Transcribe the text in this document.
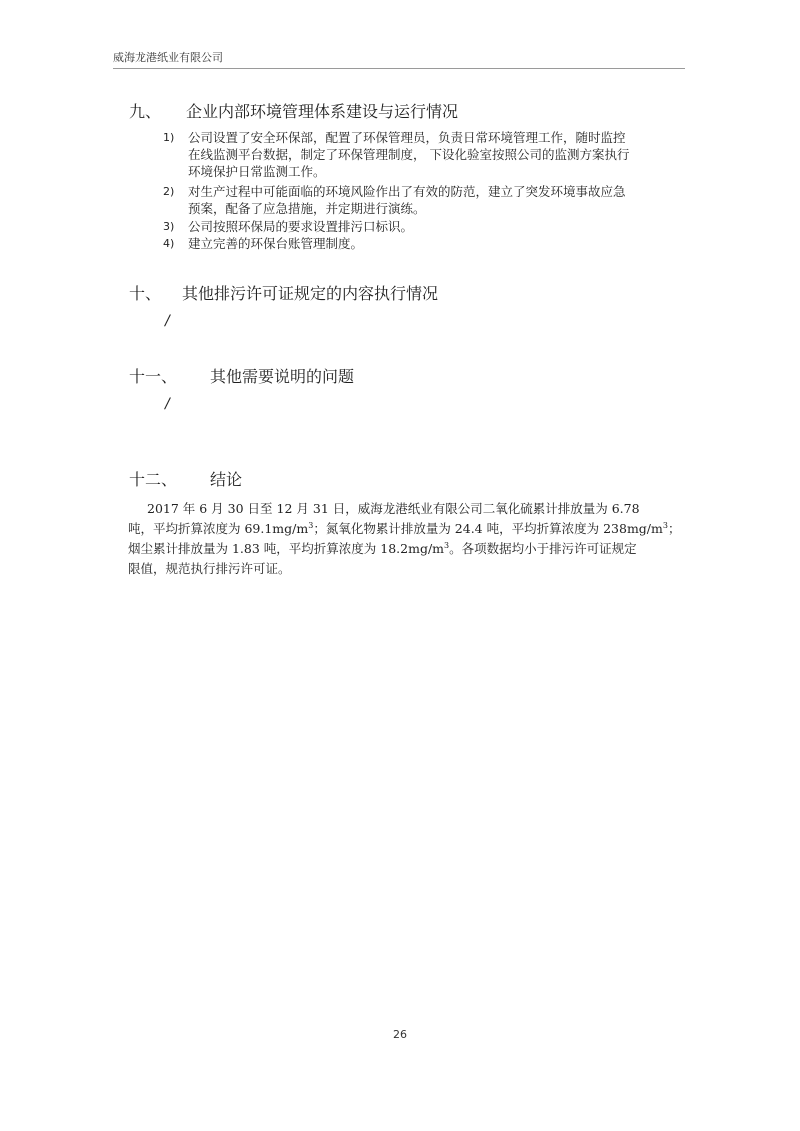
威海龙港纸业有限公司
九、 企业内部环境管理体系建设与运行情况
1) 公司设置了安全环保部，配置了环保管理员，负责日常环境管理工作，随时监控
在线监测平台数据，制定了环保管理制度， 下设化验室按照公司的监测方案执行
环境保护日常监测工作。
2) 对生产过程中可能面临的环境风险作出了有效的防范，建立了突发环境事故应急
预案，配备了应急措施，并定期进行演练。
3) 公司按照环保局的要求设置排污口标识。
4) 建立完善的环保台账管理制度。
十、 其他排污许可证规定的内容执行情况
/
十一、 其他需要说明的问题
/
十二、 结论
2017 年 6 月 30 日至 12 月 31 日，威海龙港纸业有限公司二氧化硫累计排放量为 6.78
吨，平均折算浓度为 $69.1mg/m^3$；氮氧化物累计排放量为 24.4 吨，平均折算浓度为 $238mg/m^3$；
烟尘累计排放量为 1.83 吨，平均折算浓度为 $18.2mg/m^3$。各项数据均小于排污许可证规定
限值，规范执行排污许可证。
26
